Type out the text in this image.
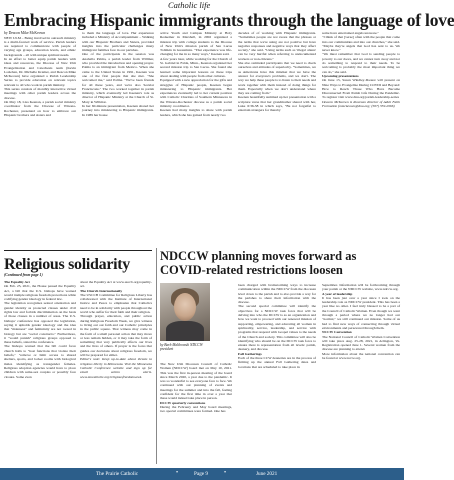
Catholic life
Embracing Hispanic immigrants through the language of love

by Deacon Mike McKeown

NEW ULM – Being involved in outreach ministry is a multi-faceted work of service. Parish leaders are required to communicate with people of varying age groups, education levels, and ethnic backgrounds – all with unique spiritual needs.

In an effort to better equip parish leaders with ideas and resources, the Diocese of New Ulm Evangelization and Catechesis team (Kevin Losleben, Dr. Michelle Kramer, and Deacon Mike McKeown) have organized a Parish Leadership Series to provide education on relevant topics relevant to all who work in parish ministry.

This series consists of monthly interactive virtual meetings with other parish leaders across the diocese.

On May 18, Lisa Keenan, a parish social ministry coordinator from the Diocese of Winona-Rochester, presented on how to embrace our Hispanic brothers and sisters and

to them the language of love. Her experience included a Ministry of Accompaniment – Walking with our Hispanic Brothers and Sisters, provided insights into the particular challenges many immigrant families face in our parishes.

One of the participants in the session was Anabella Palma, a parish leader from Willmar, who provided the introduction and opening prayer. Palma is an immigrant from Mexico. When she came to the United States in 1991, Keenan was one of the first people that she met. "She welcomed me," said Palma. "We've been friends for all these years, and we're also Secular Franciscans." The two worked together in parish ministry, which eventually led Keenan's role as director of Hispanic Ministry at the Church of St. Mary in Willmar.

In her 60-minute presentation, Keenan shared her journey into ministering to Hispanic immigrants. In 1989 her house

active Youth and Campus Ministry at Holy Redeemer in Marshall, in 2002 organized a mission trip with college students to the Diocese of New Ulm's mission parish of San Lucas Tolimán in Guatemala. "That experience was life-changing for me in so many ways," Keenan said.

A few years later, while working for the Church of St. Gabriel in Falda, Minn., Keenan organized her second mission trip to San Lucas. She found she learned some important lessons on these trips about dealing with people from other cultures.

Equipped with a new appreciation for the gifts and struggles of Hispanic people, Keenan began ministering to Hispanic immigrants. Her experiences eventually led to her current position with Catholic Charities of Southern Minnesota in the Winona-Rochester diocese as a parish social ministry coordinator.

Keenan had many insights to share with parish leaders, which she has gained from nearly two

decades of of working with Hispanic immigrants. "Sometimes people are not aware that the phrases or the terms that we're using are not positive but have negative responses and negative ways that they affect society," she said. "Using terms such as 'illegal aliens' can be very hurtful when referring to undocumented workers or non-citizens."

She also reminded participants that we need to check ourselves and attitudes of superiority. "Sometimes, we as Americans have this mindset that we have the answer for everyone's problems, and we don't. The way we help these people is to listen to their needs and work together with them instead of doing things for them. Especially when we don't understand where they are coming from."

Keenan beautifully summed up her presentation with a scripture verse that her grandmother shared with her, Luke 6:36-38 in which says, "Be not forgetful to entertain strangers for thereby

some have entertained angels unaware."

"I think of that [verse] often with the people that come into our communities and into our churches," she said. "Maybe they're angels that God has sent to us. We never know."

"We must remember that God is sending people to poverty to our doors, and we cannot turn away and not do something to respond to their needs. To be welcoming is probably the most important thing we can do," she said.

Upcoming presentations

On June 15, Susan Windley-Daoust will present on Nine Ways to Evangelize During COVID and Beyond: How to Reach Those Who Have Become Disconnected From Parish Life During the Pandemic. To register visit www.dnu.org/parish-leadership-series

Deacon McKeown is diocesan director of Adult Faith Formation (mmckeown@dnu.org; (507) 359-2966)

Religious solidarity
(Continued from page 1)

The Equality Act

On Feb. 25, 2021, the House passed the Equality Act, a bill that the U.S. bishops have warned would trample religious freedom protections while codifying gender ideology in federal law.

The legislation recognizes sexual orientation and gender identity as protected classes under civil rights law and forbids discrimination on the basis of those classes in a number of areas. The U.S. bishops' conference has opposed the legislation, saying it upholds gender ideology and the idea that "maleness" and femininity are not rooted in biology but are "social constructs." Furthermore, it "would punish" religious groups opposed to these beliefs, stated the conference.

The bishops warned that the bill could force church halls to "host functions that violate their beliefs," "remove or limit access to shared shelters, sports, and locker rooms with biological males identifying as transgender females. Religious adoption agencies would have to place children with same-sex couples or possibly face closure. Some even

about the Equality Act at www.usccb.org/equality-act.

The Church Internationally

The USCCB Committee for Religious Liberty has collaborated with the Institute of International Justice and Peace to emphasize that Catholics need to be in solidarity with people throughout the world who suffer for their faith and their religion.

Through prayer, education, and public action during Religious Freedom Week, we give witness to living out our faith and our Catholic principles in the public square. That witness may come in the form of a small personal action that may move or less remain hidden, or it may take the form of something that very publically affects our lives and the lives of others. If prayer is the focus that guides our decisions about religious freedom, we will be prepared for either.

Editor's note: Keep up-to-date about threats to religious liberty in Minnesota. Visit the Minnesota Catholic Conference website and sign up for email action alerts. www.mncatholic.org/religiousfreedomweek.

NDCCW planning moves forward as COVID-related restrictions loosen
by Barb Maltbowski NDCCW president

The New Ulm Diocesan Council of Catholic Women (NDCCW) board met on May 10, 2021. This was the first in-person meeting of the board since March 2020, a year due to the pandemic. It was so wonderful to see everyone face to face. We continued with our planning of events and meetings for the summer and into the fall, feeling confident for the first time in over a year that these would indeed take place in person.

DCCW quarterly conventions

During the February and May board meetings, two special committees were formed. One has

been charged with brainstorming ways to increase communication within the NDCCW from the diocesan level down to the parish and to also provide a way for the parishes to share their information with the diocese.

The second special committee will identify the objectives for a NDCCW task force that will be delving into who the DCCW is as an organization and how we want to proceed with our renewed mission of supporting, empowering, and educating all women in spirituality, service, leadership, and service with programs that respond with Gospel values to the needs of the Church and society. This committee will also be identifying who should be on the DCCW task force to ensure there is representation from all levels: parish, deanery, and diocese.

Fall Gatherings

Each of the three CCW deaneries are in the process of firming up the annual Fall Gathering dates and locations that are scheduled to take place in

September. Information will be forthcoming through your parish or the NDCCW website, www.ndccw.org.

A year of leadership

It has been just over a year since I took on the leadership role as NDCCW president. This has been a year like no other. I feel truly blessed to be a part of the Council of Catholic Women. Even though we went through a period where we no longer had our "normal," we still continued our mission. Some of us had to find new ways of connecting through virtual environments and persevered through them.

NCCW Convention

The National Council of Catholic Women Convention will take place Aug. 25-28, 2021, in Arlington, Va. Registration opened June 1. Several women from the diocese are planning to attend.

More information about the national convention can be found at www.nccw.org.

The Prairie Catholic	•	Page 9	•	June 2021
